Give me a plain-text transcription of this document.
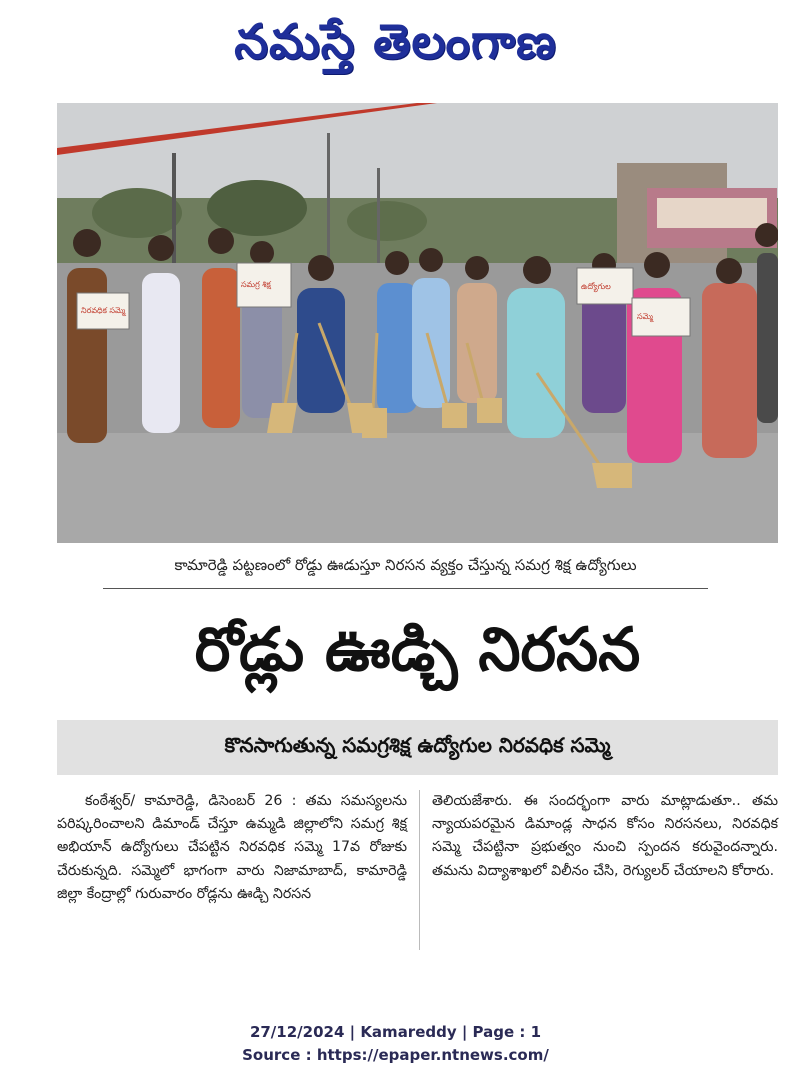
నమస్తే తెలంగాణ
నిరవధిక సమ్మె
సమగ్ర శిక్ష	ఉద్యోగుల
సమ్మె
కామారెడ్డి పట్టణంలో రోడ్డు ఊడుస్తూ నిరసన వ్యక్తం చేస్తున్న సమగ్ర శిక్ష ఉద్యోగులు
రోడ్లు ఊడ్చి నిరసన
కొనసాగుతున్న సమగ్రశిక్ష ఉద్యోగుల నిరవధిక సమ్మె

కంఠేశ్వర్/ కామారెడ్డి, డిసెంబర్ 26 : తమ సమస్యలను పరిష్కరించాలని డిమాండ్ చేస్తూ ఉమ్మడి జిల్లాలోని సమగ్ర శిక్ష అభియాన్ ఉద్యోగులు చేపట్టిన నిరవధిక సమ్మె 17వ రోజుకు చేరుకున్నది. సమ్మెలో భాగంగా వారు నిజామాబాద్, కామారెడ్డి జిల్లా కేంద్రాల్లో గురువారం రోడ్లను ఊడ్చి నిరసన

తెలియజేశారు. ఈ సందర్భంగా వారు మాట్లాడుతూ.. తమ న్యాయపరమైన డిమాండ్ల సాధన కోసం నిరసనలు, నిరవధిక సమ్మె చేపట్టినా ప్రభుత్వం నుంచి స్పందన కరువైందన్నారు. తమను విద్యాశాఖలో విలీనం చేసి, రెగ్యులర్ చేయాలని కోరారు.

27/12/2024 | Kamareddy | Page : 1
Source : https://epaper.ntnews.com/
